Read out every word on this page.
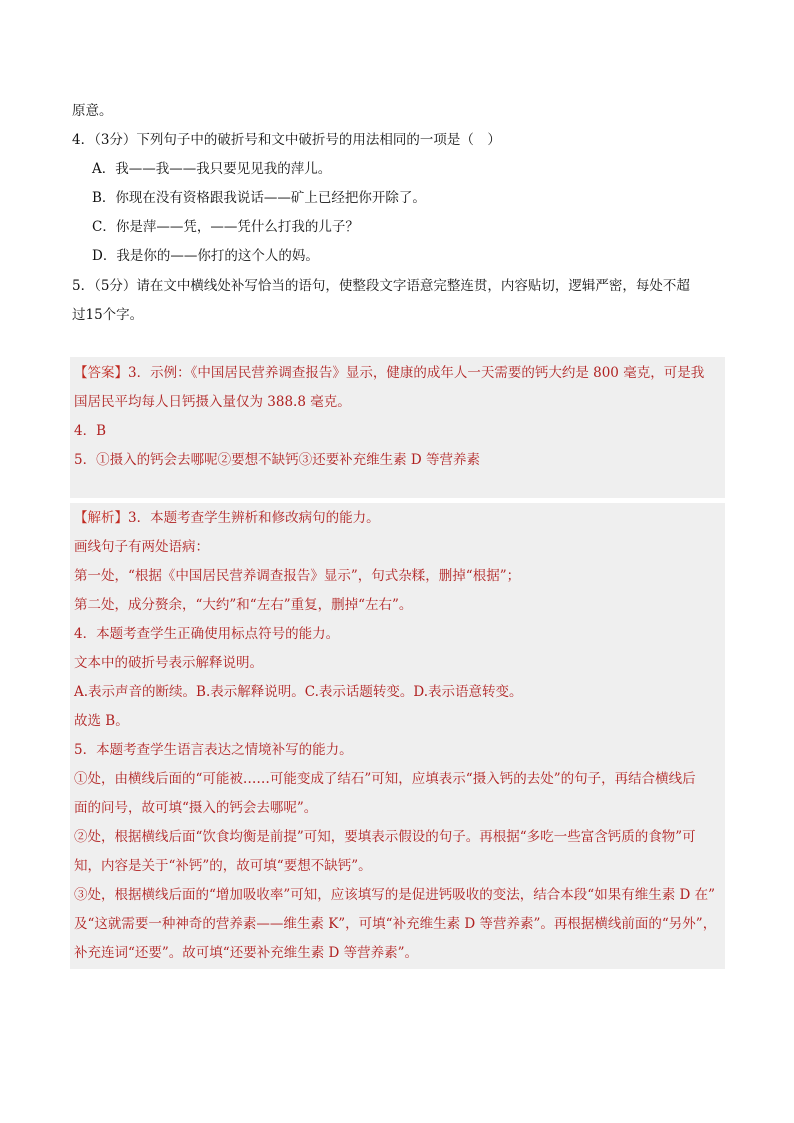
原意。
4．（3分）下列句子中的破折号和文中破折号的用法相同的一项是（　）
A．我——我——我只要见见我的萍儿。
B．你现在没有资格跟我说话——矿上已经把你开除了。
C．你是萍——凭，——凭什么打我的儿子？
D．我是你的——你打的这个人的妈。
5．（5分）请在文中横线处补写恰当的语句，使整段文字语意完整连贯，内容贴切，逻辑严密，每处不超
过15个字。
【答案】3．示例：《中国居民营养调查报告》显示，健康的成年人一天需要的钙大约是 800 毫克，可是我
国居民平均每人日钙摄入量仅为 388.8 毫克。
4．B
5．①摄入的钙会去哪呢②要想不缺钙③还要补充维生素 D 等营养素
【解析】3．本题考查学生辨析和修改病句的能力。
画线句子有两处语病：
第一处，“根据《中国居民营养调查报告》显示”，句式杂糅，删掉“根据”；
第二处，成分赘余，“大约”和“左右”重复，删掉“左右”。
4．本题考查学生正确使用标点符号的能力。
文本中的破折号表示解释说明。
A.表示声音的断续。B.表示解释说明。C.表示话题转变。D.表示语意转变。
故选 B。
5．本题考查学生语言表达之情境补写的能力。
①处，由横线后面的“可能被……可能变成了结石”可知，应填表示“摄入钙的去处”的句子，再结合横线后
面的问号，故可填“摄入的钙会去哪呢”。
②处，根据横线后面“饮食均衡是前提”可知，要填表示假设的句子。再根据“多吃一些富含钙质的食物”可
知，内容是关于“补钙”的，故可填“要想不缺钙”。
③处，根据横线后面的“增加吸收率”可知，应该填写的是促进钙吸收的变法，结合本段“如果有维生素 D 在”
及“这就需要一种神奇的营养素——维生素 K”，可填“补充维生素 D 等营养素”。再根据横线前面的“另外”，
补充连词“还要”。故可填“还要补充维生素 D 等营养素”。
